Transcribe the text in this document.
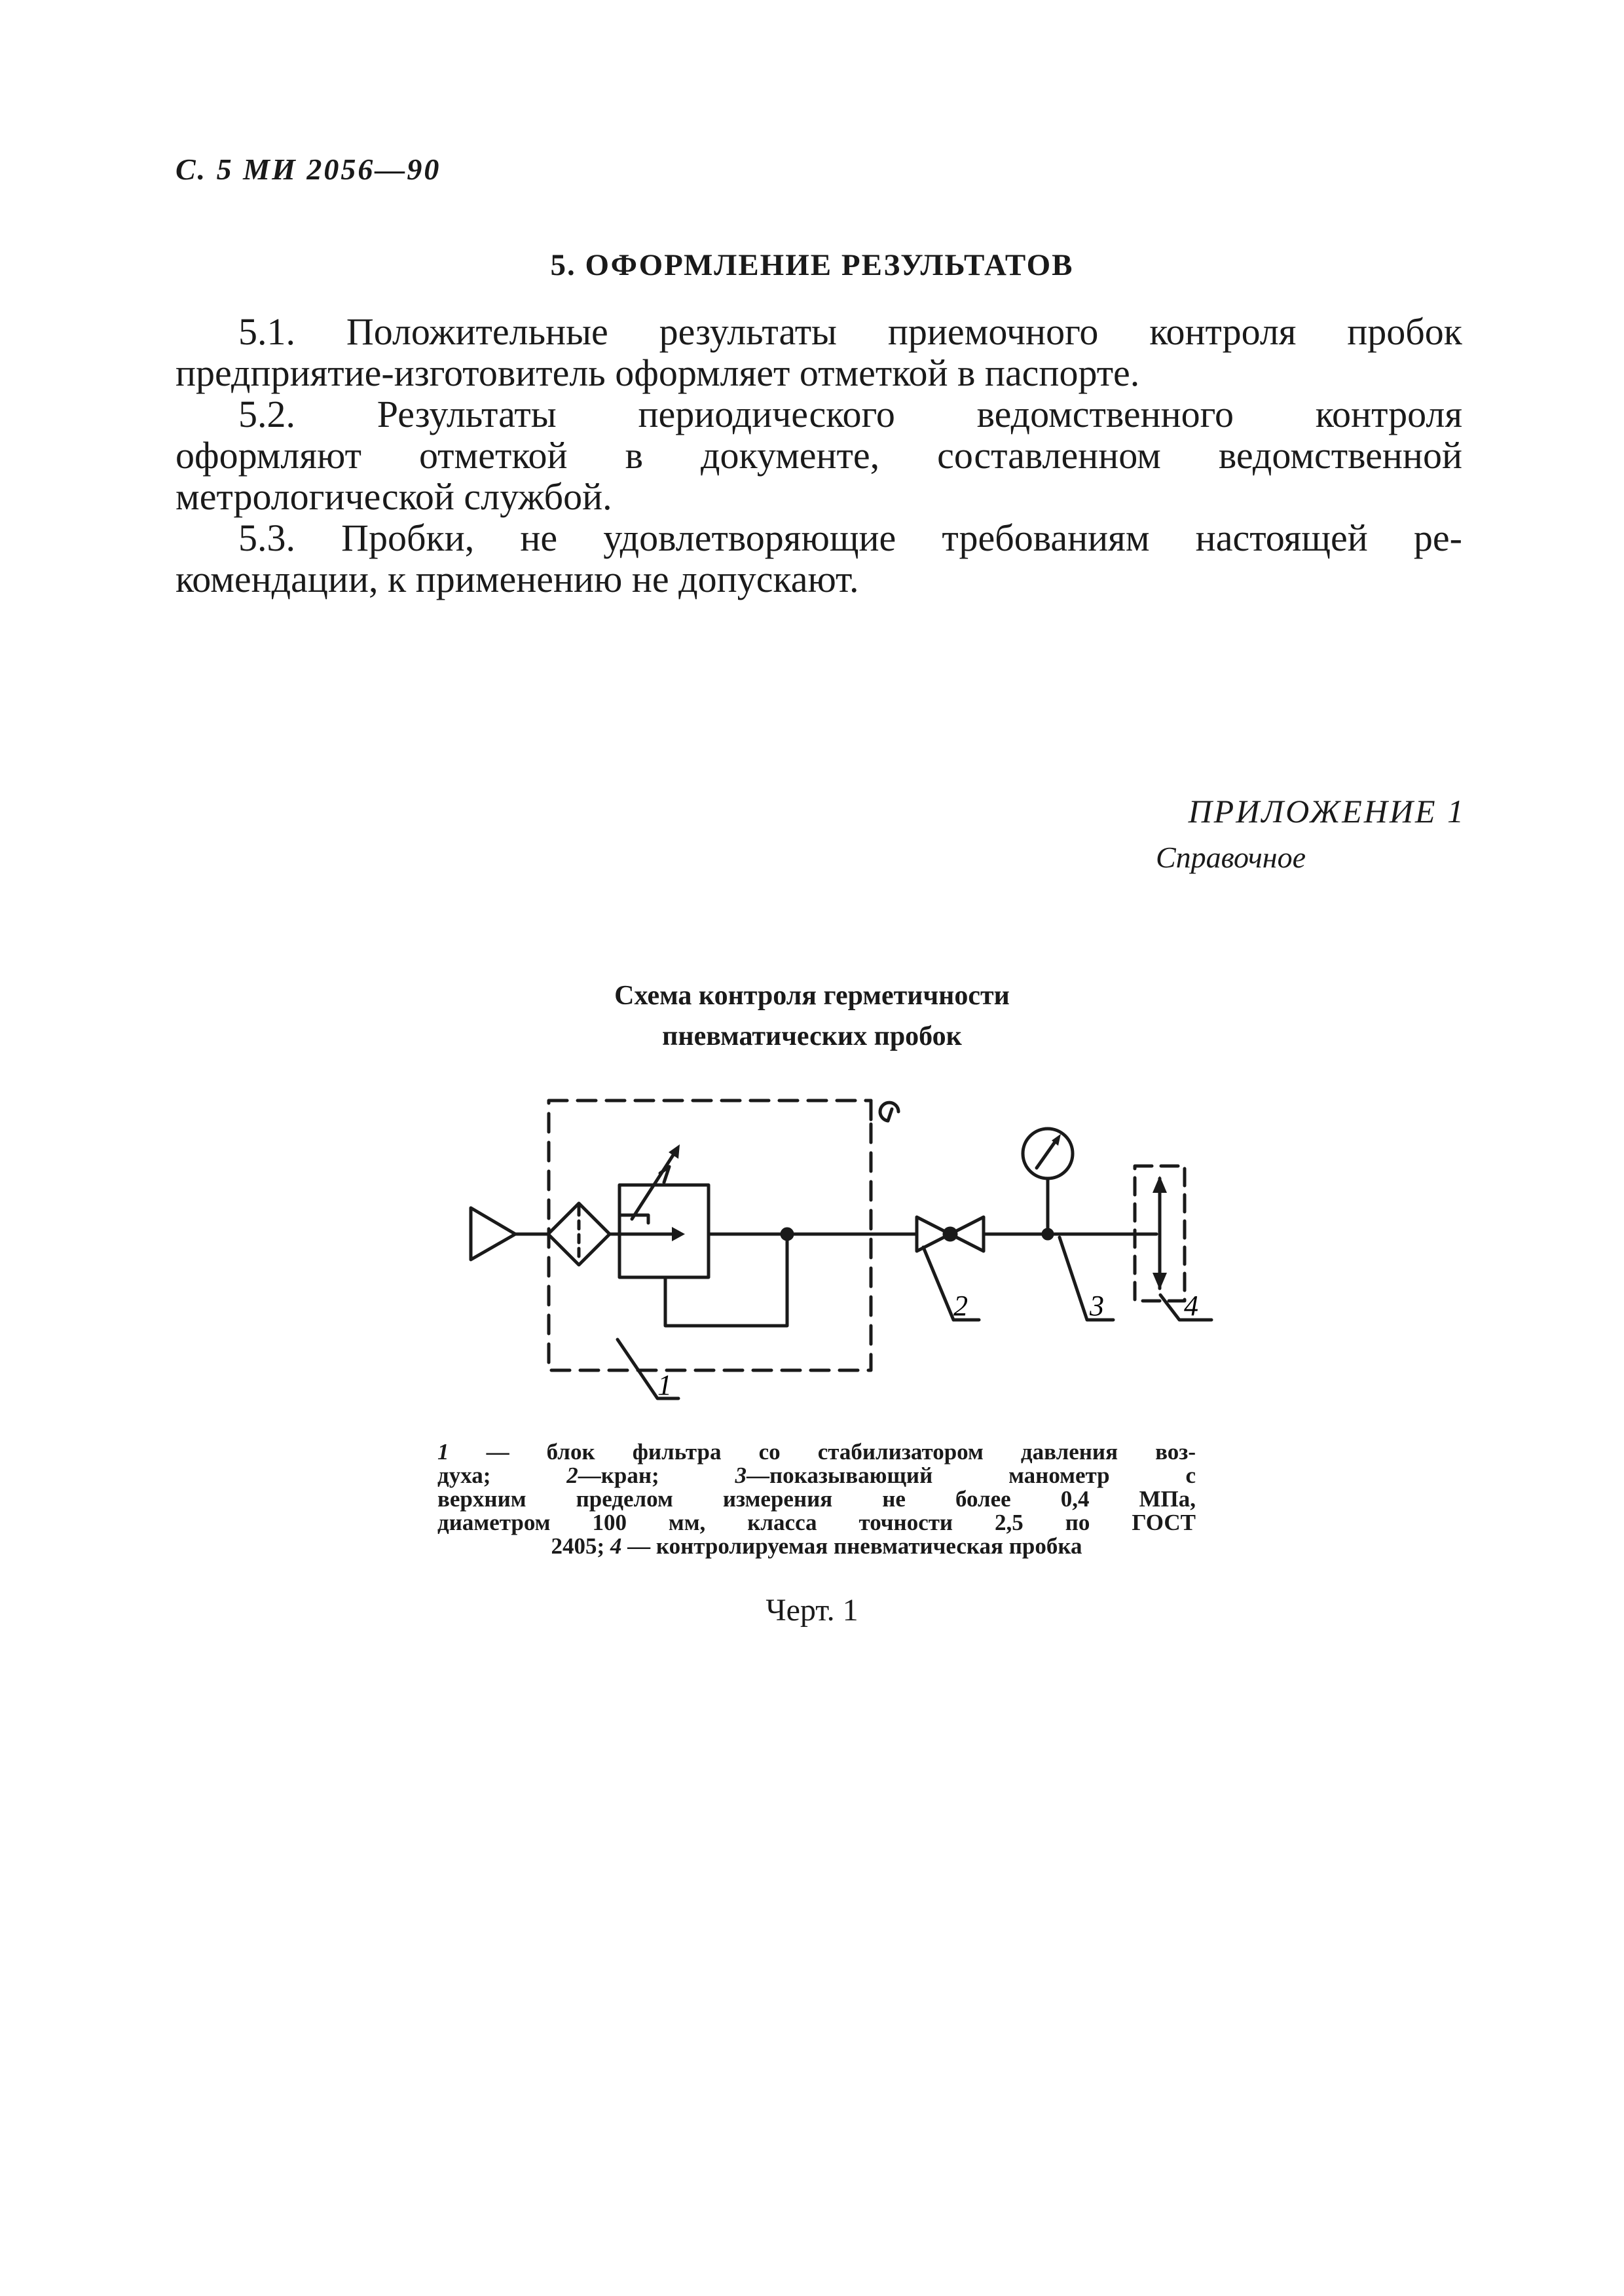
С. 5 МИ 2056—90
5. ОФОРМЛЕНИЕ РЕЗУЛЬТАТОВ
5.1. Положительные результаты приемочного контроля пробок
предприятие-изготовитель оформляет отметкой в паспорте.
5.2. Результаты периодического ведомственного контроля
оформляют отметкой в документе, составленном ведомственной
метрологической службой.
5.3. Пробки, не удовлетворяющие требованиям настоящей ре-
комендации, к применению не допускают.
ПРИЛОЖЕНИЕ 1
Справочное
Схема контроля герметичности
пневматических пробок
1
2	3	4
1 — блок фильтра со стабилизатором давления воз-
духа; 2—кран; 3—показывающий манометр с
верхним пределом измерения не более 0,4 МПа,
диаметром 100 мм, класса точности 2,5 по ГОСТ
2405; 4 — контролируемая пневматическая пробка
Черт. 1
